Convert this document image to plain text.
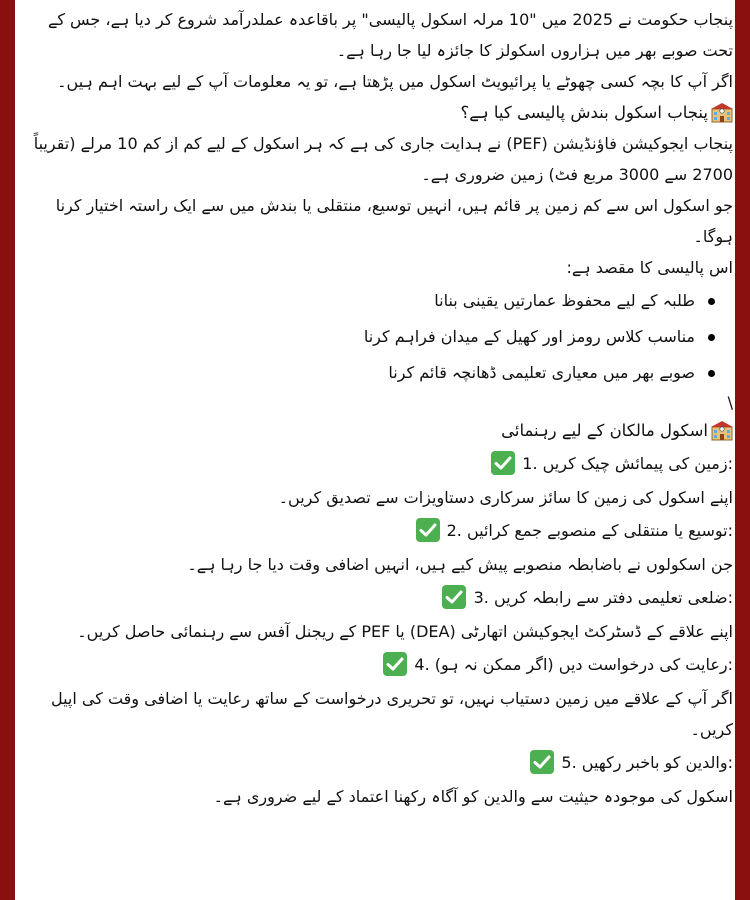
پنجاب حکومت نے 2025 میں "10 مرلہ اسکول پالیسی" پر باقاعدہ عملدرآمد شروع کر دیا ہے، جس کے تحت صوبے بھر میں ہزاروں اسکولز کا جائزہ لیا جا رہا ہے۔

اگر آپ کا بچہ کسی چھوٹے یا پرائیویٹ اسکول میں پڑھتا ہے، تو یہ معلومات آپ کے لیے بہت اہم ہیں۔

پنجاب اسکول بندش پالیسی کیا ہے؟

پنجاب ایجوکیشن فاؤنڈیشن (PEF) نے ہدایت جاری کی ہے کہ ہر اسکول کے لیے کم از کم 10 مرلے (تقریباً 2700 سے 3000 مربع فٹ) زمین ضروری ہے۔

جو اسکول اس سے کم زمین پر قائم ہیں، انہیں توسیع، منتقلی یا بندش میں سے ایک راستہ اختیار کرنا ہوگا۔

اس پالیسی کا مقصد ہے:

طلبہ کے لیے محفوظ عمارتیں یقینی بنانا
مناسب کلاس رومز اور کھیل کے میدان فراہم کرنا
صوبے بھر میں معیاری تعلیمی ڈھانچہ قائم کرنا

\

اسکول مالکان کے لیے رہنمائی

:زمین کی پیمائش چیک کریں .1

اپنے اسکول کی زمین کا سائز سرکاری دستاویزات سے تصدیق کریں۔

:توسیع یا منتقلی کے منصوبے جمع کرائیں .2

جن اسکولوں نے باضابطہ منصوبے پیش کیے ہیں، انہیں اضافی وقت دیا جا رہا ہے۔

:ضلعی تعلیمی دفتر سے رابطہ کریں .3

اپنے علاقے کے ڈسٹرکٹ ایجوکیشن اتھارٹی (DEA) یا PEF کے ریجنل آفس سے رہنمائی حاصل کریں۔

:رعایت کی درخواست دیں (اگر ممکن نہ ہو) .4

اگر آپ کے علاقے میں زمین دستیاب نہیں، تو تحریری درخواست کے ساتھ رعایت یا اضافی وقت کی اپیل کریں۔

:والدین کو باخبر رکھیں .5

اسکول کی موجودہ حیثیت سے والدین کو آگاہ رکھنا اعتماد کے لیے ضروری ہے۔
